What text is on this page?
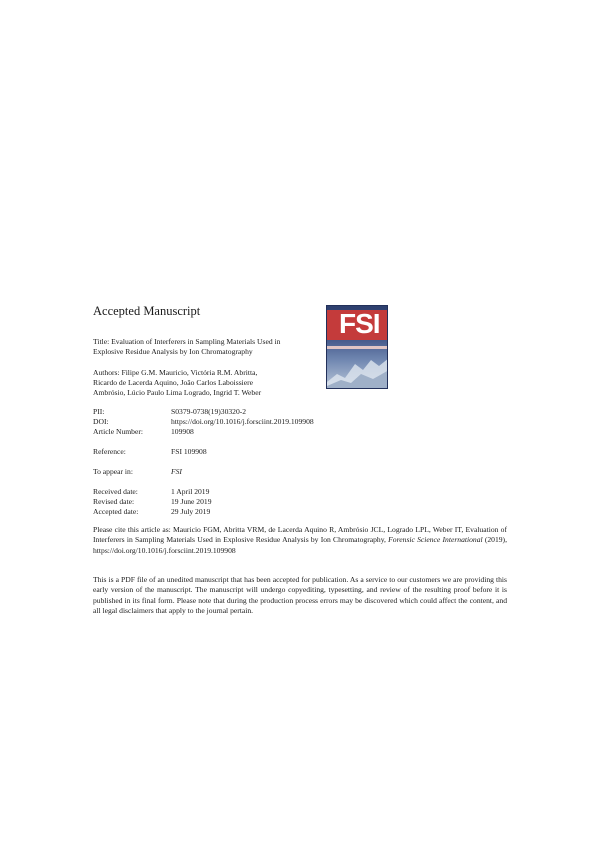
Accepted Manuscript	FSI
Title: Evaluation of Interferers in Sampling Materials Used in
Explosive Residue Analysis by Ion Chromatography
Authors: Filipe G.M. Mauricio, Victória R.M. Abritta,
Ricardo de Lacerda Aquino, João Carlos Laboissiere
Ambrósio, Lúcio Paulo Lima Logrado, Ingrid T. Weber
PII:	S0379-0738(19)30320-2
DOI:	https://doi.org/10.1016/j.forsciint.2019.109908
Article Number:	109908
Reference:	FSI 109908
To appear in:	FSI
Received date:	1 April 2019
Revised date:	19 June 2019
Accepted date:	29 July 2019
Please cite this article as: Mauricio FGM, Abritta VRM, de Lacerda Aquino R, Ambrósio JCL, Logrado LPL, Weber IT, Evaluation of Interferers in Sampling Materials Used in Explosive Residue Analysis by Ion Chromatography, Forensic Science International (2019), https://doi.org/10.1016/j.forsciint.2019.109908
This is a PDF file of an unedited manuscript that has been accepted for publication. As a service to our customers we are providing this early version of the manuscript. The manuscript will undergo copyediting, typesetting, and review of the resulting proof before it is published in its final form. Please note that during the production process errors may be discovered which could affect the content, and all legal disclaimers that apply to the journal pertain.
